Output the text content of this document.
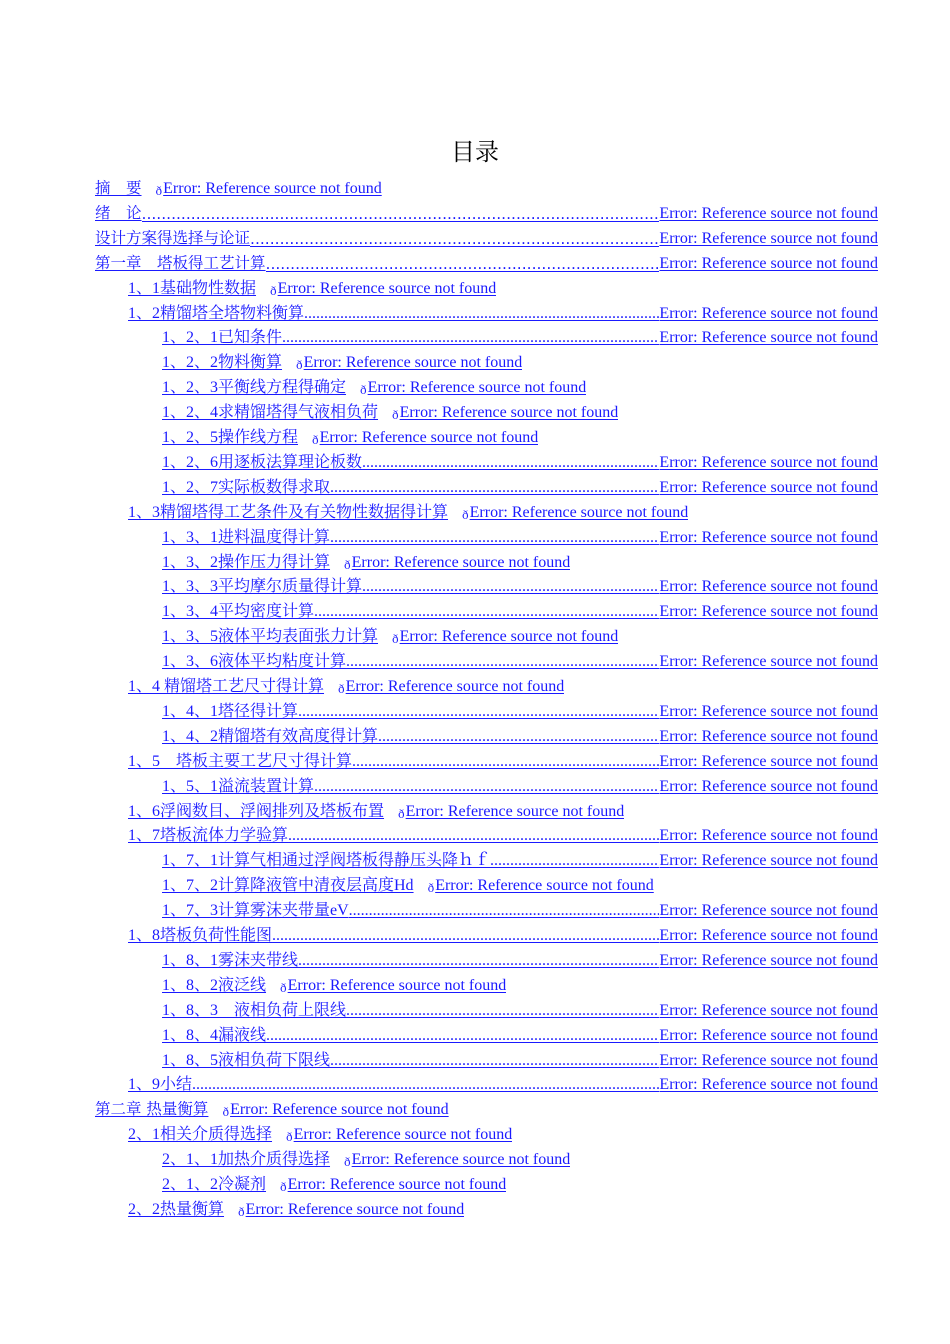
目录
摘　要 ð Error: Reference source not found
绪　论 .....	Error: Reference source not found
设计方案得选择与论证 .....	Error: Reference source not found
第一章　塔板得工艺计算 .....	Error: Reference source not found
1、1基础物性数据 ð Error: Reference source not found
1、2精馏塔全塔物料衡算 .....	Error: Reference source not found
1、2、1已知条件 .....	Error: Reference source not found
1、2、2物料衡算 ð Error: Reference source not found
1、2、3平衡线方程得确定 ð Error: Reference source not found
1、2、4求精馏塔得气液相负荷 ð Error: Reference source not found
1、2、5操作线方程 ð Error: Reference source not found
1、2、6用逐板法算理论板数 .....	Error: Reference source not found
1、2、7实际板数得求取 .....	Error: Reference source not found
1、3精馏塔得工艺条件及有关物性数据得计算 ð Error: Reference source not found
1、3、1进料温度得计算 .....	Error: Reference source not found
1、3、2操作压力得计算 ð Error: Reference source not found
1、3、3平均摩尔质量得计算 .....	Error: Reference source not found
1、3、4平均密度计算 .....	Error: Reference source not found
1、3、5液体平均表面张力计算 ð Error: Reference source not found
1、3、6液体平均粘度计算 .....	Error: Reference source not found
1、4 精馏塔工艺尺寸得计算 ð Error: Reference source not found
1、4、1塔径得计算 .....	Error: Reference source not found
1、4、2精馏塔有效高度得计算 .....	Error: Reference source not found
1、5　塔板主要工艺尺寸得计算 .....	Error: Reference source not found
1、5、1溢流装置计算 .....	Error: Reference source not found
1、6浮阀数目、浮阀排列及塔板布置 ð Error: Reference source not found
1、7塔板流体力学验算 .....	Error: Reference source not found
1、7、1计算气相通过浮阀塔板得静压头降ｈｆ .....	Error: Reference source not found
1、7、2计算降液管中清夜层高度Hd ð Error: Reference source not found
1、7、3计算雾沫夹带量eV .....	Error: Reference source not found
1、8塔板负荷性能图 .....	Error: Reference source not found
1、8、1雾沫夹带线 .....	Error: Reference source not found
1、8、2液泛线 ð Error: Reference source not found
1、8、3　液相负荷上限线 .....	Error: Reference source not found
1、8、4漏液线 .....	Error: Reference source not found
1、8、5液相负荷下限线 .....	Error: Reference source not found
1、9小结 .....	Error: Reference source not found
第二章 热量衡算 ð Error: Reference source not found
2、1相关介质得选择 ð Error: Reference source not found
2、1、1加热介质得选择 ð Error: Reference source not found
2、1、2冷凝剂 ð Error: Reference source not found
2、2热量衡算 ð Error: Reference source not found
